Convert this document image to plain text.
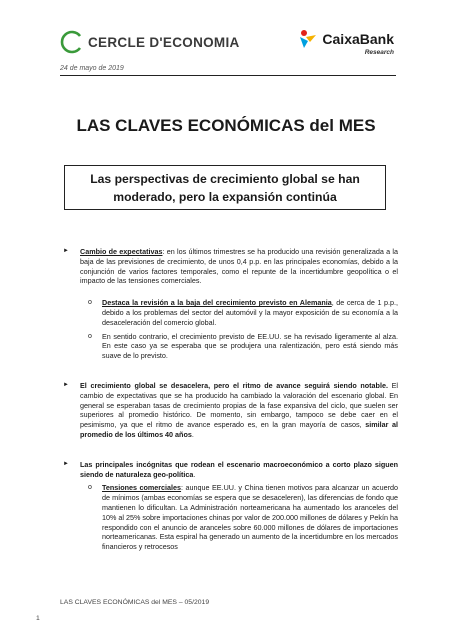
CERCLE D'ECONOMIA	CaixaBank
Research
24 de mayo de 2019
LAS CLAVES ECONÓMICAS del MES
Las perspectivas de crecimiento global se han moderado, pero la expansión continúa
► Cambio de expectativas: en los últimos trimestres se ha producido una revisión generalizada a la baja de las previsiones de crecimiento, de unos 0,4 p.p. en las principales economías, debido a la conjunción de varios factores temporales, como el repunte de la incertidumbre geopolítica o el impacto de las tensiones comerciales.
o Destaca la revisión a la baja del crecimiento previsto en Alemania, de cerca de 1 p.p., debido a los problemas del sector del automóvil y la mayor exposición de su economía a la desaceleración del comercio global.
o En sentido contrario, el crecimiento previsto de EE.UU. se ha revisado ligeramente al alza. En este caso ya se esperaba que se produjera una ralentización, pero está siendo más suave de lo previsto.
► El crecimiento global se desacelera, pero el ritmo de avance seguirá siendo notable. El cambio de expectativas que se ha producido ha cambiado la valoración del escenario global. En general se esperaban tasas de crecimiento propias de la fase expansiva del ciclo, que suelen ser superiores al promedio histórico. De momento, sin embargo, tampoco se debe caer en el pesimismo, ya que el ritmo de avance esperado es, en la gran mayoría de casos, similar al promedio de los últimos 40 años.
► Las principales incógnitas que rodean el escenario macroeconómico a corto plazo siguen siendo de naturaleza geo-política.
o Tensiones comerciales: aunque EE.UU. y China tienen motivos para alcanzar un acuerdo de mínimos (ambas economías se espera que se desaceleren), las diferencias de fondo que mantienen lo dificultan. La Administración norteamericana ha aumentado los aranceles del 10% al 25% sobre importaciones chinas por valor de 200.000 millones de dólares y Pekín ha respondido con el anuncio de aranceles sobre 60.000 millones de dólares de importaciones norteamericanas. Esta espiral ha generado un aumento de la incertidumbre en los mercados financieros y retrocesos
LAS CLAVES ECONÓMICAS del MES – 05/2019
1
